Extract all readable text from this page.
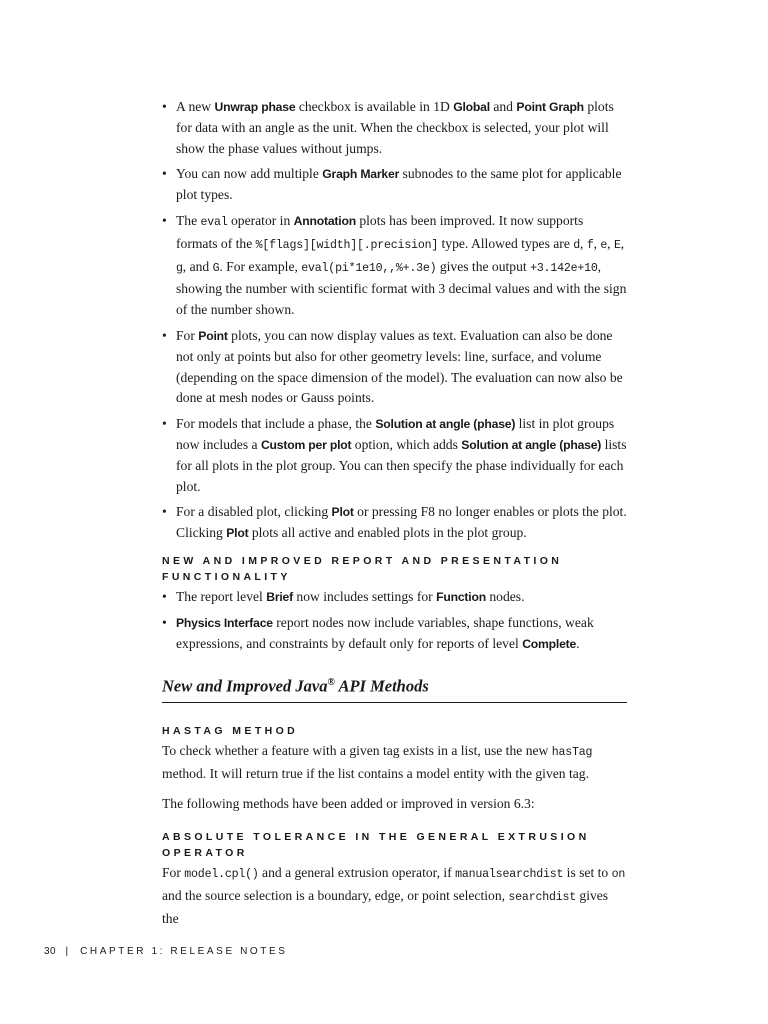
• A new Unwrap phase checkbox is available in 1D Global and Point Graph plots for data with an angle as the unit. When the checkbox is selected, your plot will show the phase values without jumps.
• You can now add multiple Graph Marker subnodes to the same plot for applicable plot types.
• The eval operator in Annotation plots has been improved. It now supports formats of the %[flags][width][.precision] type. Allowed types are d, f, e, E, g, and G. For example, eval(pi*1e10,,%+.3e) gives the output +3.142e+10, showing the number with scientific format with 3 decimal values and with the sign of the number shown.
• For Point plots, you can now display values as text. Evaluation can also be done not only at points but also for other geometry levels: line, surface, and volume (depending on the space dimension of the model). The evaluation can now also be done at mesh nodes or Gauss points.
• For models that include a phase, the Solution at angle (phase) list in plot groups now includes a Custom per plot option, which adds Solution at angle (phase) lists for all plots in the plot group. You can then specify the phase individually for each plot.
• For a disabled plot, clicking Plot or pressing F8 no longer enables or plots the plot. Clicking Plot plots all active and enabled plots in the plot group.
NEW AND IMPROVED REPORT AND PRESENTATION FUNCTIONALITY
• The report level Brief now includes settings for Function nodes.
• Physics Interface report nodes now include variables, shape functions, weak expressions, and constraints by default only for reports of level Complete.
New and Improved Java® API Methods
HASTAG METHOD

To check whether a feature with a given tag exists in a list, use the new hasTag method. It will return true if the list contains a model entity with the given tag.

The following methods have been added or improved in version 6.3:

ABSOLUTE TOLERANCE IN THE GENERAL EXTRUSION OPERATOR

For model.cpl() and a general extrusion operator, if manualsearchdist is set to on and the source selection is a boundary, edge, or point selection, searchdist gives the

30 | CHAPTER 1: RELEASE NOTES
